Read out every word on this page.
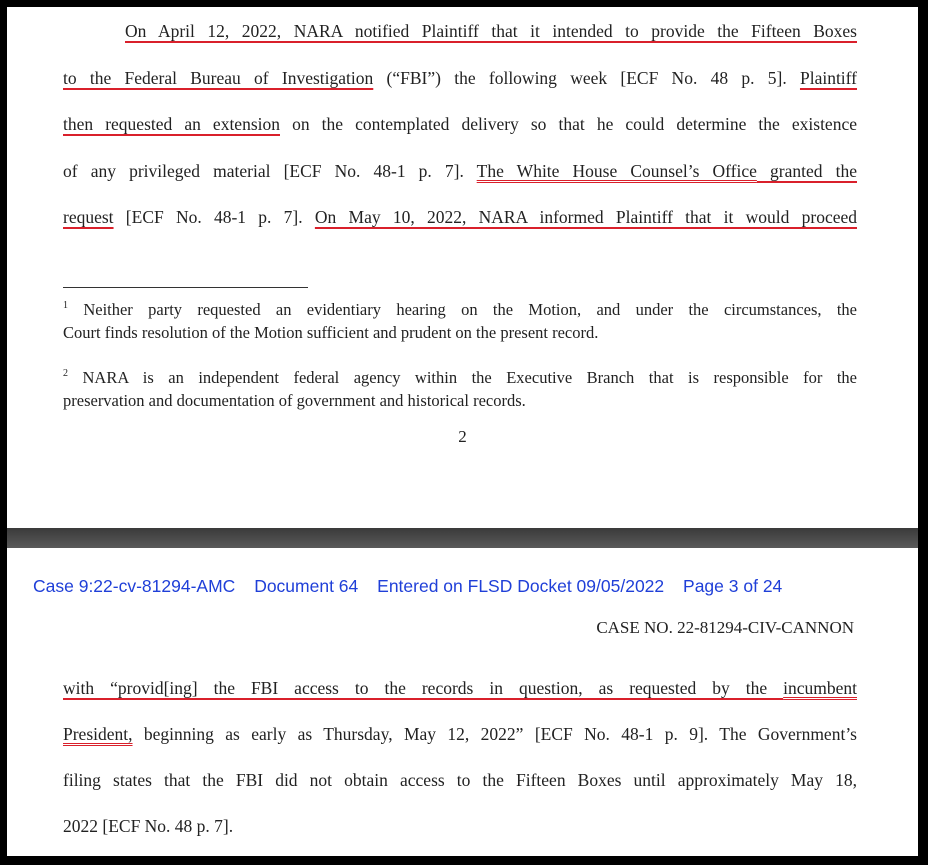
On April 12, 2022, NARA notified Plaintiff that it intended to provide the Fifteen Boxes
to the Federal Bureau of Investigation (“FBI”) the following week [ECF No. 48 p. 5]. Plaintiff
then requested an extension on the contemplated delivery so that he could determine the existence
of any privileged material [ECF No. 48-1 p. 7]. The White House Counsel’s Office granted the
request [ECF No. 48-1 p. 7]. On May 10, 2022, NARA informed Plaintiff that it would proceed
$^1$ Neither party requested an evidentiary hearing on the Motion, and under the circumstances, the
Court finds resolution of the Motion sufficient and prudent on the present record.
$^2$ NARA is an independent federal agency within the Executive Branch that is responsible for the
preservation and documentation of government and historical records.
2
Case 9:22-cv-81294-AMC Document 64 Entered on FLSD Docket 09/05/2022 Page 3 of 24
CASE NO. 22-81294-CIV-CANNON
with “provid[ing] the FBI access to the records in question, as requested by the incumbent
President, beginning as early as Thursday, May 12, 2022” [ECF No. 48-1 p. 9]. The Government’s
filing states that the FBI did not obtain access to the Fifteen Boxes until approximately May 18,
2022 [ECF No. 48 p. 7].
